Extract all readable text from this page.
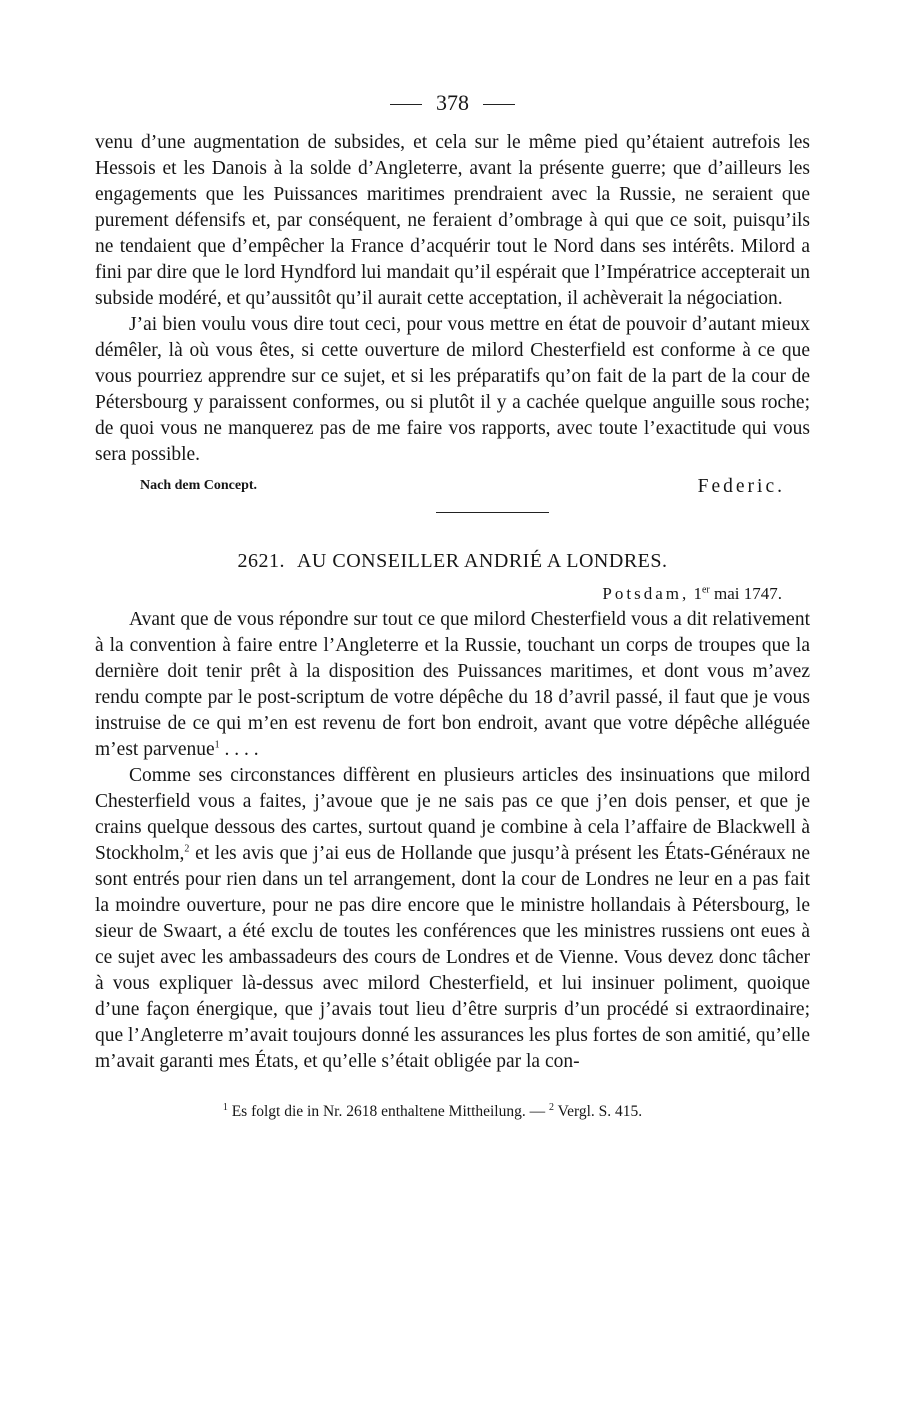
378

venu d’une augmentation de subsides, et cela sur le même pied qu’étaient autrefois les Hessois et les Danois à la solde d’Angleterre, avant la présente guerre; que d’ailleurs les engagements que les Puissances maritimes prendraient avec la Russie, ne seraient que purement défensifs et, par conséquent, ne feraient d’ombrage à qui que ce soit, puisqu’ils ne tendaient que d’empêcher la France d’acquérir tout le Nord dans ses intérêts. Milord a fini par dire que le lord Hyndford lui mandait qu’il espérait que l’Impératrice accepterait un subside modéré, et qu’aussitôt qu’il aurait cette acceptation, il achèverait la négociation.

J’ai bien voulu vous dire tout ceci, pour vous mettre en état de pouvoir d’autant mieux démêler, là où vous êtes, si cette ouverture de milord Chesterfield est conforme à ce que vous pourriez apprendre sur ce sujet, et si les préparatifs qu’on fait de la part de la cour de Pétersbourg y paraissent conformes, ou si plutôt il y a cachée quelque anguille sous roche; de quoi vous ne manquerez pas de me faire vos rapports, avec toute l’exactitude qui vous sera possible.

Nach dem Concept.	Federic.
2621. AU CONSEILLER ANDRIÉ A LONDRES.
Potsdam, 1er mai 1747.

Avant que de vous répondre sur tout ce que milord Chesterfield vous a dit relativement à la convention à faire entre l’Angleterre et la Russie, touchant un corps de troupes que la dernière doit tenir prêt à la disposition des Puissances maritimes, et dont vous m’avez rendu compte par le post-scriptum de votre dépêche du 18 d’avril passé, il faut que je vous instruise de ce qui m’en est revenu de fort bon endroit, avant que votre dépêche alléguée m’est parvenue$^1$ . . . .

Comme ses circonstances diffèrent en plusieurs articles des insinuations que milord Chesterfield vous a faites, j’avoue que je ne sais pas ce que j’en dois penser, et que je crains quelque dessous des cartes, surtout quand je combine à cela l’affaire de Blackwell à Stockholm,$^2$ et les avis que j’ai eus de Hollande que jusqu’à présent les États-Généraux ne sont entrés pour rien dans un tel arrangement, dont la cour de Londres ne leur en a pas fait la moindre ouverture, pour ne pas dire encore que le ministre hollandais à Pétersbourg, le sieur de Swaart, a été exclu de toutes les conférences que les ministres russiens ont eues à ce sujet avec les ambassadeurs des cours de Londres et de Vienne. Vous devez donc tâcher à vous expliquer là-dessus avec milord Chesterfield, et lui insinuer poliment, quoique d’une façon énergique, que j’avais tout lieu d’être surpris d’un procédé si extraordinaire; que l’Angleterre m’avait toujours donné les assurances les plus fortes de son amitié, qu’elle m’avait garanti mes États, et qu’elle s’était obligée par la con-

$^1$ Es folgt die in Nr. 2618 enthaltene Mittheilung. — $^2$ Vergl. S. 415.
